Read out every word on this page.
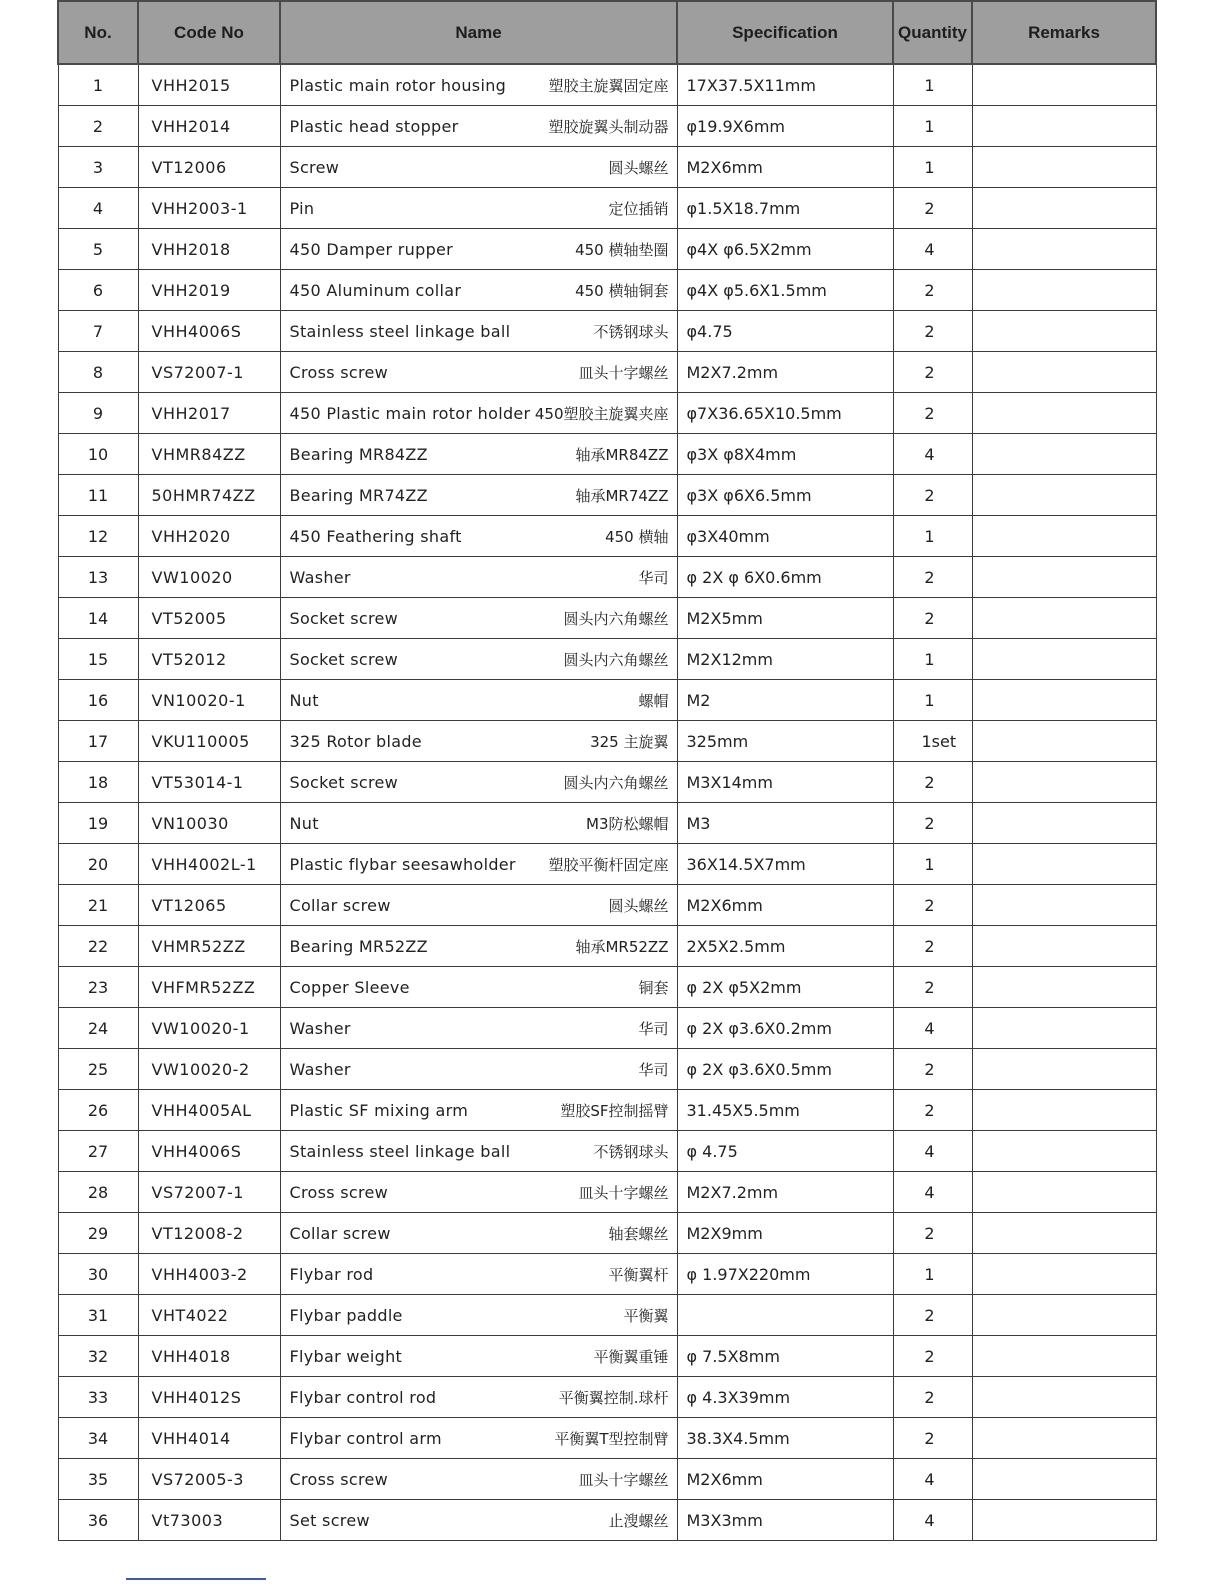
No.	Code No	Name	Specification	Quantity	Remarks
1	VHH2015	Plastic main rotor housing 塑胶主旋翼固定座	17X37.5X11mm	1	
2	VHH2014	Plastic head stopper 塑胶旋翼头制动器	φ19.9X6mm	1	
3	VT12006	Screw 圆头螺丝	M2X6mm	1	
4	VHH2003-1	Pin 定位插销	φ1.5X18.7mm	2	
5	VHH2018	450 Damper rupper 450 横轴垫圈	φ4X φ6.5X2mm	4	
6	VHH2019	450 Aluminum collar 450 横轴铜套	φ4X φ5.6X1.5mm	2	
7	VHH4006S	Stainless steel linkage ball 不锈钢球头	φ4.75	2	
8	VS72007-1	Cross screw 皿头十字螺丝	M2X7.2mm	2	
9	VHH2017	450 Plastic main rotor holder 450塑胶主旋翼夹座	φ7X36.65X10.5mm	2	
10	VHMR84ZZ	Bearing MR84ZZ 轴承MR84ZZ	φ3X φ8X4mm	4	
11	50HMR74ZZ	Bearing MR74ZZ 轴承MR74ZZ	φ3X φ6X6.5mm	2	
12	VHH2020	450 Feathering shaft 450 横轴	φ3X40mm	1	
13	VW10020	Washer 华司	φ 2X φ 6X0.6mm	2	
14	VT52005	Socket screw 圆头内六角螺丝	M2X5mm	2	
15	VT52012	Socket screw 圆头内六角螺丝	M2X12mm	1	
16	VN10020-1	Nut 螺帽	M2	1	
17	VKU110005	325 Rotor blade 325 主旋翼	325mm	1set	
18	VT53014-1	Socket screw 圆头内六角螺丝	M3X14mm	2	
19	VN10030	Nut M3防松螺帽	M3	2	
20	VHH4002L-1	Plastic flybar seesawholder 塑胶平衡杆固定座	36X14.5X7mm	1	
21	VT12065	Collar screw 圆头螺丝	M2X6mm	2	
22	VHMR52ZZ	Bearing MR52ZZ 轴承MR52ZZ	2X5X2.5mm	2	
23	VHFMR52ZZ	Copper Sleeve 铜套	φ 2X φ5X2mm	2	
24	VW10020-1	Washer 华司	φ 2X φ3.6X0.2mm	4	
25	VW10020-2	Washer 华司	φ 2X φ3.6X0.5mm	2	
26	VHH4005AL	Plastic SF mixing arm 塑胶SF控制摇臂	31.45X5.5mm	2	
27	VHH4006S	Stainless steel linkage ball 不锈钢球头	φ 4.75	4	
28	VS72007-1	Cross screw 皿头十字螺丝	M2X7.2mm	4	
29	VT12008-2	Collar screw 轴套螺丝	M2X9mm	2	
30	VHH4003-2	Flybar rod 平衡翼杆	φ 1.97X220mm	1	
31	VHT4022	Flybar paddle 平衡翼		2	
32	VHH4018	Flybar weight 平衡翼重锤	φ 7.5X8mm	2	
33	VHH4012S	Flybar control rod 平衡翼控制.球杆	φ 4.3X39mm	2	
34	VHH4014	Flybar control arm 平衡翼T型控制臂	38.3X4.5mm	2	
35	VS72005-3	Cross screw 皿头十字螺丝	M2X6mm	4	
36	Vt73003	Set screw 止溲螺丝	M3X3mm	4	
